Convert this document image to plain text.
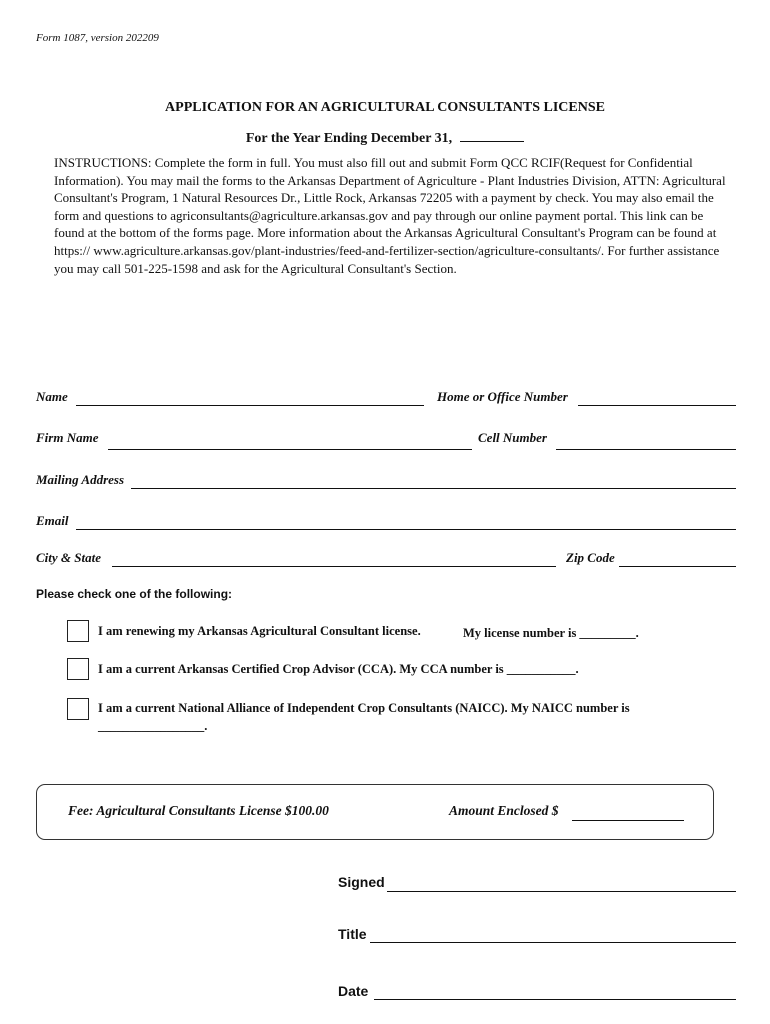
Form 1087, version 202209
APPLICATION FOR AN AGRICULTURAL CONSULTANTS LICENSE
For the Year Ending December 31,
INSTRUCTIONS: Complete the form in full. You must also fill out and submit Form QCC RCIF(Request for Confidential Information). You may mail the forms to the Arkansas Department of Agriculture - Plant Industries Division, ATTN: Agricultural Consultant's Program, 1 Natural Resources Dr., Little Rock, Arkansas 72205 with a payment by check. You may also email the form and questions to agriconsultants@agriculture.arkansas.gov and pay through our online payment portal. This link can be found at the bottom of the forms page. More information about the Arkansas Agricultural Consultant's Program can be found at https:// www.agriculture.arkansas.gov/plant-industries/feed-and-fertilizer-section/agriculture-consultants/. For further assistance you may call 501-225-1598 and ask for the Agricultural Consultant's Section.
Name	Home or Office Number
Firm Name	Cell Number
Mailing Address
Email
City & State	Zip Code
Please check one of the following:
I am renewing my Arkansas Agricultural Consultant license.	My license number is _________.
I am a current Arkansas Certified Crop Advisor (CCA). My CCA number is ___________.
I am a current National Alliance of Independent Crop Consultants (NAICC). My NAICC number is
_________________.
Fee: Agricultural Consultants License $100.00	Amount Enclosed $
Signed
Title
Date
